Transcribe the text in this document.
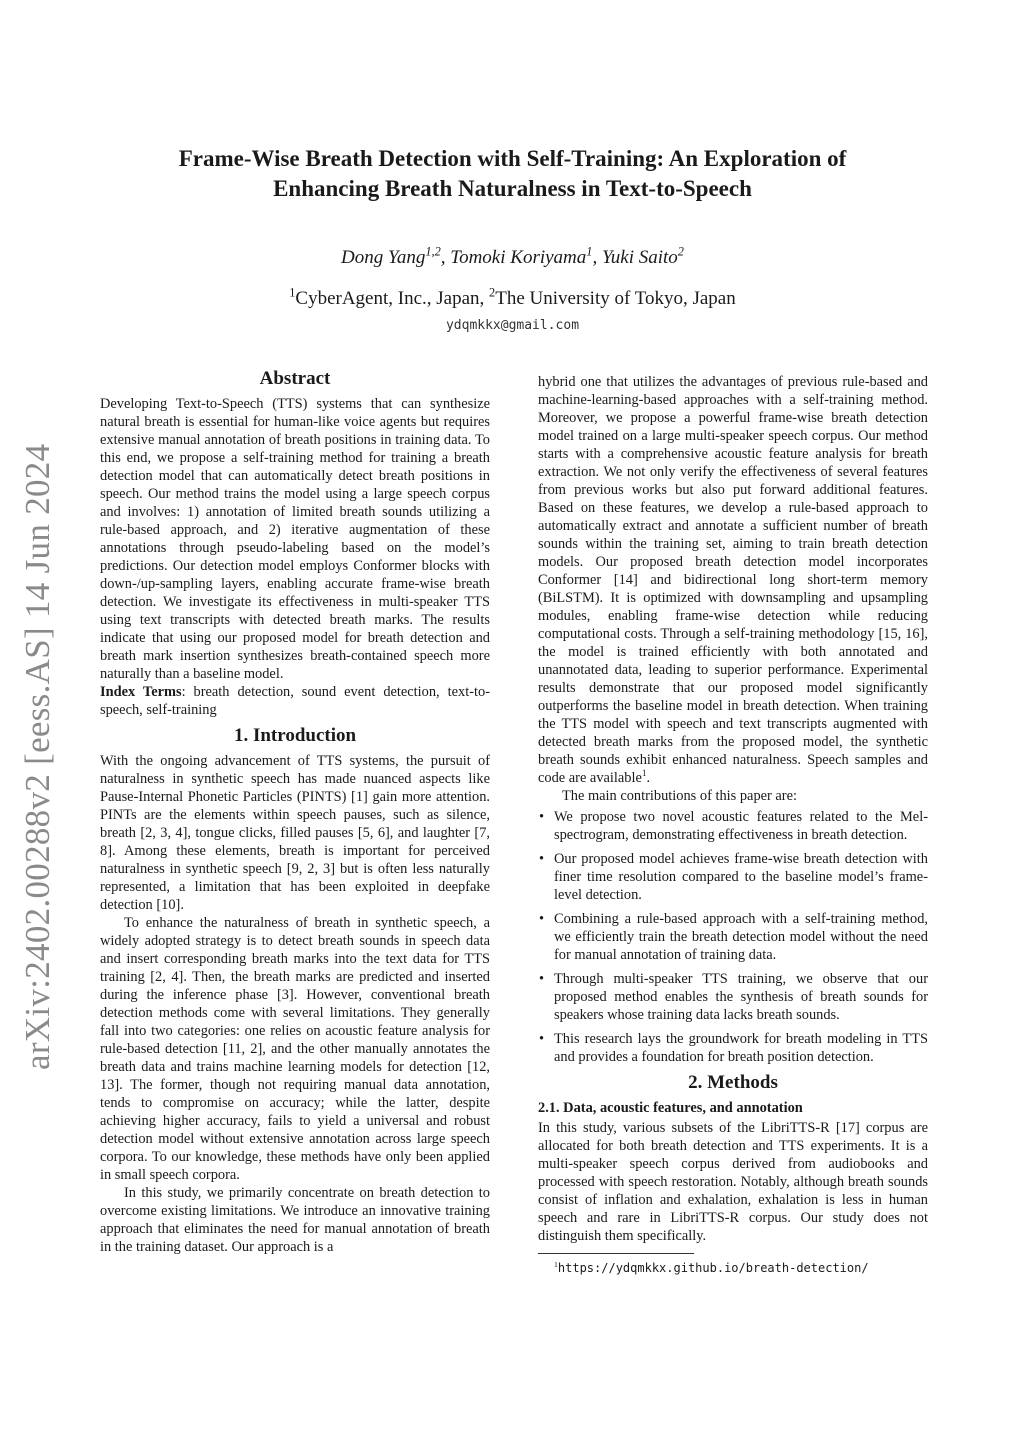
arXiv:2402.00288v2 [eess.AS] 14 Jun 2024
Frame-Wise Breath Detection with Self-Training: An Exploration of
Enhancing Breath Naturalness in Text-to-Speech
Dong Yang$^{1,2}$, Tomoki Koriyama$^1$, Yuki Saito$^2$
$^1$CyberAgent, Inc., Japan, $^2$The University of Tokyo, Japan
ydqmkkx@gmail.com
Abstract

Developing Text-to-Speech (TTS) systems that can synthesize natural breath is essential for human-like voice agents but requires extensive manual annotation of breath positions in training data. To this end, we propose a self-training method for training a breath detection model that can automatically detect breath positions in speech. Our method trains the model using a large speech corpus and involves: 1) annotation of limited breath sounds utilizing a rule-based approach, and 2) iterative augmentation of these annotations through pseudo-labeling based on the model’s predictions. Our detection model employs Conformer blocks with down-/up-sampling layers, enabling accurate frame-wise breath detection. We investigate its effectiveness in multi-speaker TTS using text transcripts with detected breath marks. The results indicate that using our proposed model for breath detection and breath mark insertion synthesizes breath-contained speech more naturally than a baseline model.

Index Terms: breath detection, sound event detection, text-to-speech, self-training

1. Introduction

With the ongoing advancement of TTS systems, the pursuit of naturalness in synthetic speech has made nuanced aspects like Pause-Internal Phonetic Particles (PINTS) [1] gain more attention. PINTs are the elements within speech pauses, such as silence, breath [2, 3, 4], tongue clicks, filled pauses [5, 6], and laughter [7, 8]. Among these elements, breath is important for perceived naturalness in synthetic speech [9, 2, 3] but is often less naturally represented, a limitation that has been exploited in deepfake detection [10].

To enhance the naturalness of breath in synthetic speech, a widely adopted strategy is to detect breath sounds in speech data and insert corresponding breath marks into the text data for TTS training [2, 4]. Then, the breath marks are predicted and inserted during the inference phase [3]. However, conventional breath detection methods come with several limitations. They generally fall into two categories: one relies on acoustic feature analysis for rule-based detection [11, 2], and the other manually annotates the breath data and trains machine learning models for detection [12, 13]. The former, though not requiring manual data annotation, tends to compromise on accuracy; while the latter, despite achieving higher accuracy, fails to yield a universal and robust detection model without extensive annotation across large speech corpora. To our knowledge, these methods have only been applied in small speech corpora.

In this study, we primarily concentrate on breath detection to overcome existing limitations. We introduce an innovative training approach that eliminates the need for manual annotation of breath in the training dataset. Our approach is a

hybrid one that utilizes the advantages of previous rule-based and machine-learning-based approaches with a self-training method. Moreover, we propose a powerful frame-wise breath detection model trained on a large multi-speaker speech corpus. Our method starts with a comprehensive acoustic feature analysis for breath extraction. We not only verify the effectiveness of several features from previous works but also put forward additional features. Based on these features, we develop a rule-based approach to automatically extract and annotate a sufficient number of breath sounds within the training set, aiming to train breath detection models. Our proposed breath detection model incorporates Conformer [14] and bidirectional long short-term memory (BiLSTM). It is optimized with downsampling and upsampling modules, enabling frame-wise detection while reducing computational costs. Through a self-training methodology [15, 16], the model is trained efficiently with both annotated and unannotated data, leading to superior performance. Experimental results demonstrate that our proposed model significantly outperforms the baseline model in breath detection. When training the TTS model with speech and text transcripts augmented with detected breath marks from the proposed model, the synthetic breath sounds exhibit enhanced naturalness. Speech samples and code are available$^1$.

The main contributions of this paper are:

• We propose two novel acoustic features related to the Mel-spectrogram, demonstrating effectiveness in breath detection.
• Our proposed model achieves frame-wise breath detection with finer time resolution compared to the baseline model’s frame-level detection.
• Combining a rule-based approach with a self-training method, we efficiently train the breath detection model without the need for manual annotation of training data.
• Through multi-speaker TTS training, we observe that our proposed method enables the synthesis of breath sounds for speakers whose training data lacks breath sounds.
• This research lays the groundwork for breath modeling in TTS and provides a foundation for breath position detection.
2. Methods
2.1. Data, acoustic features, and annotation

In this study, various subsets of the LibriTTS-R [17] corpus are allocated for both breath detection and TTS experiments. It is a multi-speaker speech corpus derived from audiobooks and processed with speech restoration. Notably, although breath sounds consist of inflation and exhalation, exhalation is less in human speech and rare in LibriTTS-R corpus. Our study does not distinguish them specifically.

$^1$https://ydqmkkx.github.io/breath-detection/
